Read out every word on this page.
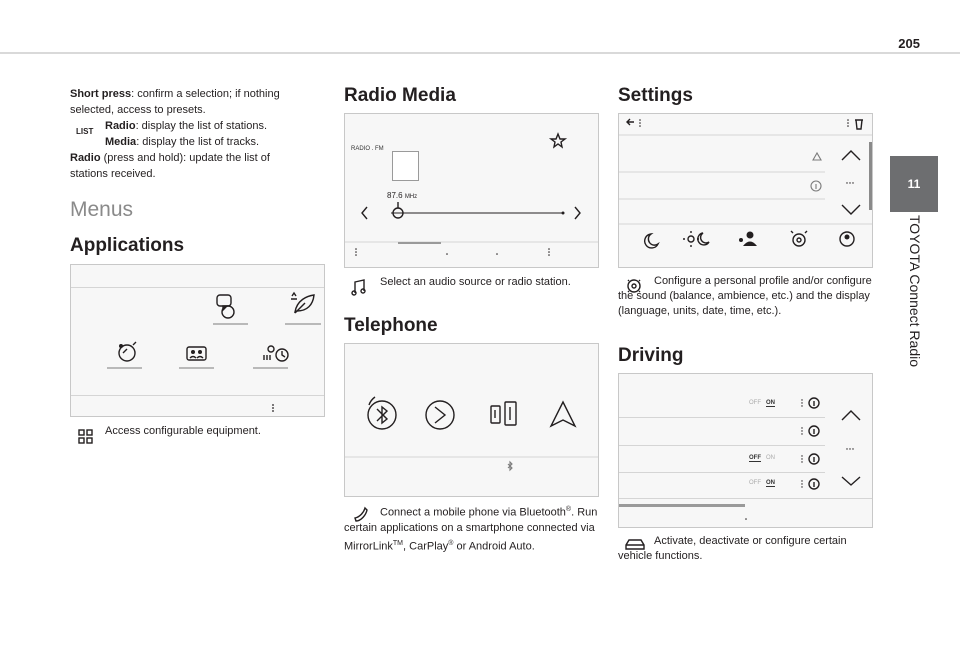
205
11
TOYOTA Connect Radio
Short press: confirm a selection; if nothing selected, access to presets.
LIST Radio: display the list of stations.
Media: display the list of tracks.
Radio (press and hold): update the list of stations received.
Menus
Applications
Access configurable equipment.
Radio Media
RADIO . FM
87.6 MHz
Select an audio source or radio station.
Telephone
Connect a mobile phone via Bluetooth®. Run certain applications on a smartphone connected via MirrorLink™, CarPlay® or Android Auto.
Settings
Configure a personal profile and/or configure the sound (balance, ambience, etc.) and the display (language, units, date, time, etc.).
Driving
OFF ON
OFF ON
OFF ON
Activate, deactivate or configure certain vehicle functions.
